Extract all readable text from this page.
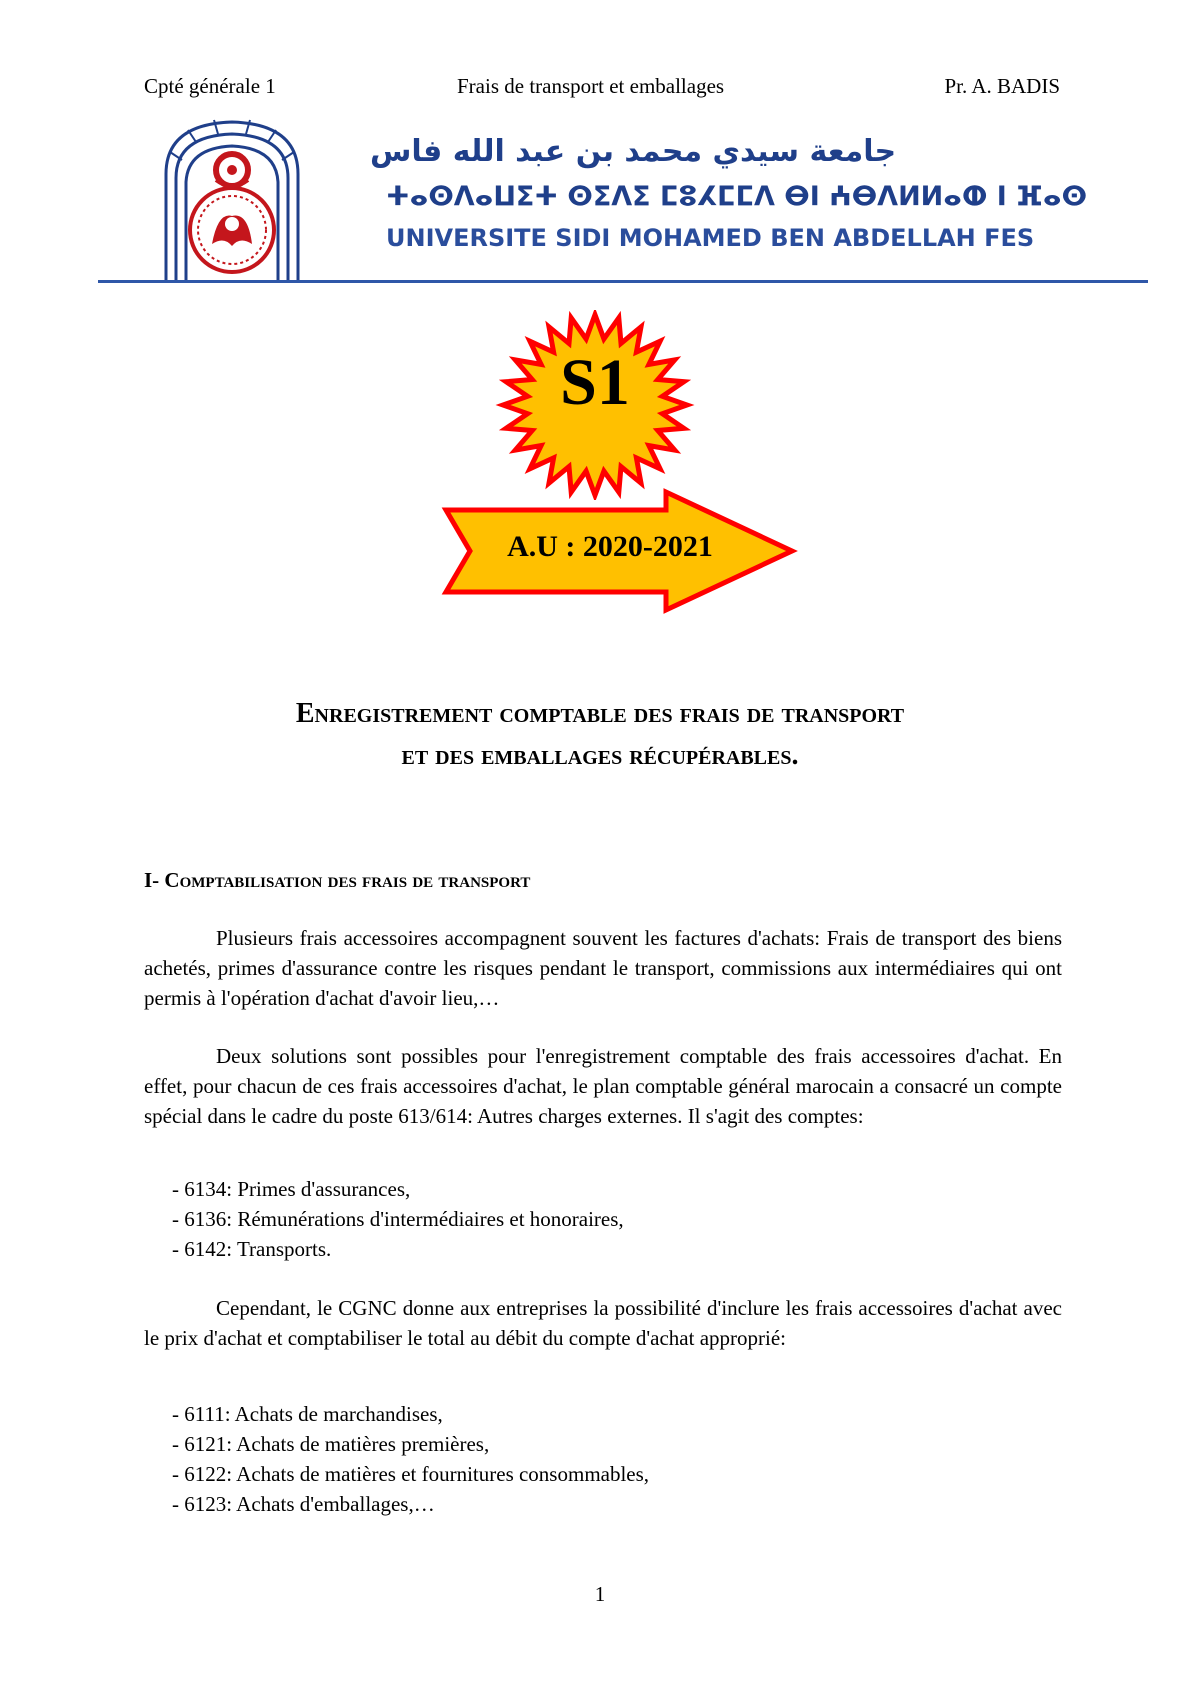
Cpté générale 1	Frais de transport et emballages	Pr. A. BADIS
جامعة سيدي محمد بن عبد الله فاس
ⵜⴰⵙⴷⴰⵡⵉⵜ ⵙⵉⴷⵉ ⵎⵓⵃⵎⵎⴷ ⴱⵏ ⵄⴱⴷⵍⵍⴰⵀ ⵏ ⴼⴰⵙ
UNIVERSITE SIDI MOHAMED BEN ABDELLAH FES
S1
A.U : 2020-2021
Enregistrement comptable des frais de transport
et des emballages récupérables.
I- Comptabilisation des frais de transport

Plusieurs frais accessoires accompagnent souvent les factures d'achats: Frais de transport des biens achetés, primes d'assurance contre les risques pendant le transport, commissions aux intermédiaires qui ont permis à l'opération d'achat d'avoir lieu,…

Deux solutions sont possibles pour l'enregistrement comptable des frais accessoires d'achat. En effet, pour chacun de ces frais accessoires d'achat, le plan comptable général marocain a consacré un compte spécial dans le cadre du poste 613/614: Autres charges externes. Il s'agit des comptes:

- 6134: Primes d'assurances,
- 6136: Rémunérations d'intermédiaires et honoraires,
- 6142: Transports.

Cependant, le CGNC donne aux entreprises la possibilité d'inclure les frais accessoires d'achat avec le prix d'achat et comptabiliser le total au débit du compte d'achat approprié:

- 6111: Achats de marchandises,
- 6121: Achats de matières premières,
- 6122: Achats de matières et fournitures consommables,
- 6123: Achats d'emballages,…
1
